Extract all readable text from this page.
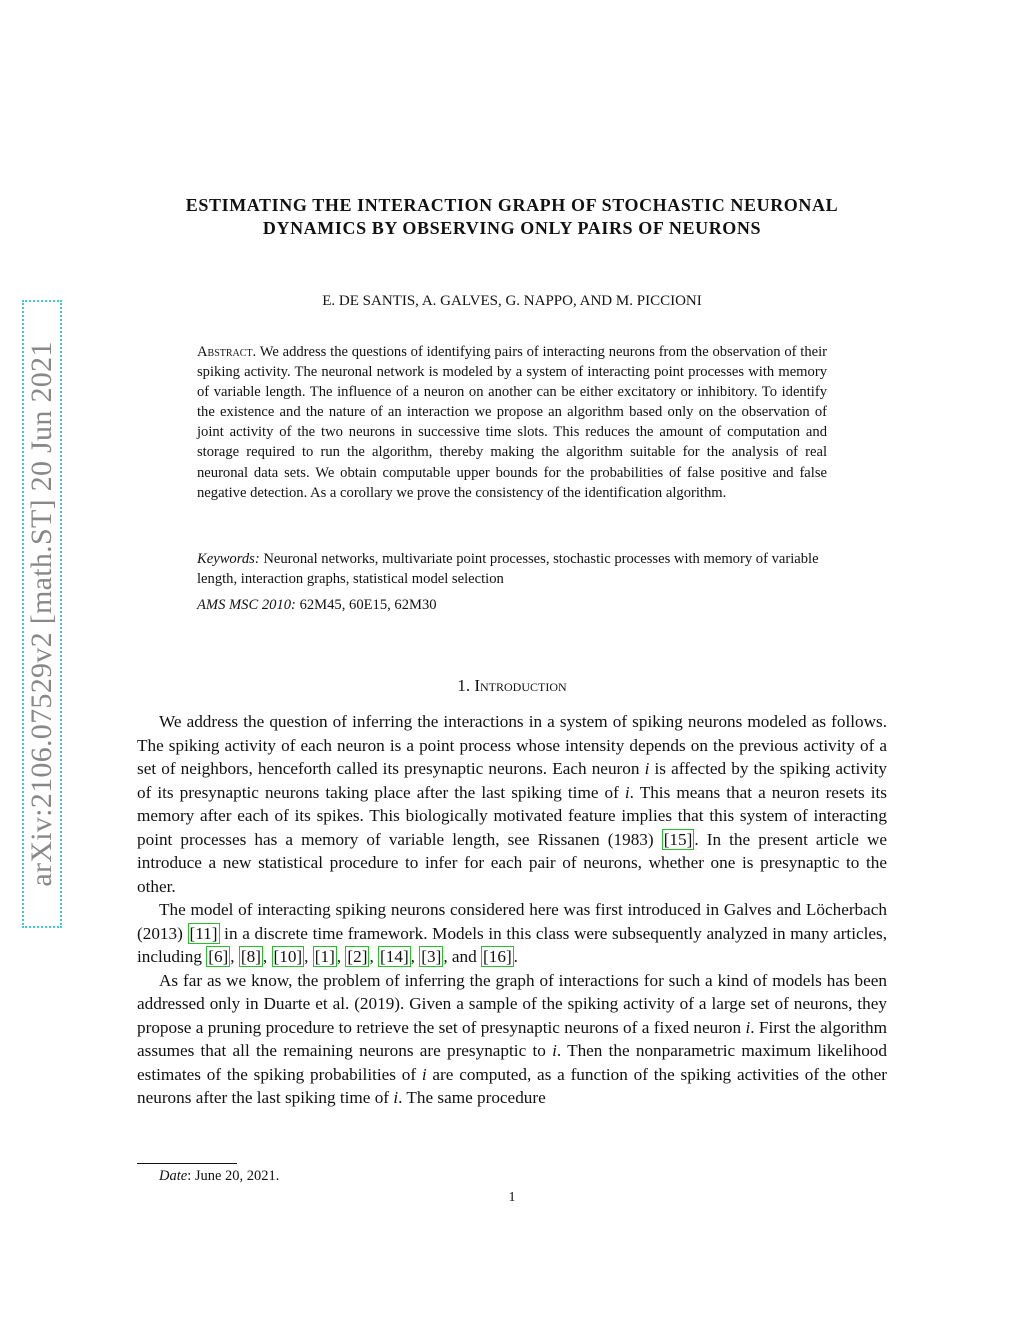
arXiv:2106.07529v2 [math.ST] 20 Jun 2021
ESTIMATING THE INTERACTION GRAPH OF STOCHASTIC NEURONAL DYNAMICS BY OBSERVING ONLY PAIRS OF NEURONS
E. DE SANTIS, A. GALVES, G. NAPPO, AND M. PICCIONI
Abstract. We address the questions of identifying pairs of interacting neurons from the observation of their spiking activity. The neuronal network is modeled by a system of interacting point processes with memory of variable length. The influence of a neuron on another can be either excitatory or inhibitory. To identify the existence and the nature of an interaction we propose an algorithm based only on the observation of joint activity of the two neurons in successive time slots. This reduces the amount of computation and storage required to run the algorithm, thereby making the algorithm suitable for the analysis of real neuronal data sets. We obtain computable upper bounds for the probabilities of false positive and false negative detection. As a corollary we prove the consistency of the identification algorithm.
Keywords: Neuronal networks, multivariate point processes, stochastic processes with memory of variable length, interaction graphs, statistical model selection
AMS MSC 2010: 62M45, 60E15, 62M30
1. Introduction

We address the question of inferring the interactions in a system of spiking neurons modeled as follows. The spiking activity of each neuron is a point process whose intensity depends on the previous activity of a set of neighbors, henceforth called its presynaptic neurons. Each neuron i is affected by the spiking activity of its presynaptic neurons taking place after the last spiking time of i. This means that a neuron resets its memory after each of its spikes. This biologically motivated feature implies that this system of interacting point processes has a memory of variable length, see Rissanen (1983) [15] . In the present article we introduce a new statistical procedure to infer for each pair of neurons, whether one is presynaptic to the other.

The model of interacting spiking neurons considered here was first introduced in Galves and Löcherbach (2013) [11] in a discrete time framework. Models in this class were subsequently analyzed in many articles, including [6] , [8] , [10] , [1] , [2] , [14] , [3] , and [16] .

As far as we know, the problem of inferring the graph of interactions for such a kind of models has been addressed only in Duarte et al. (2019). Given a sample of the spiking activity of a large set of neurons, they propose a pruning procedure to retrieve the set of presynaptic neurons of a fixed neuron i. First the algorithm assumes that all the remaining neurons are presynaptic to i. Then the nonparametric maximum likelihood estimates of the spiking probabilities of i are computed, as a function of the spiking activities of the other neurons after the last spiking time of i. The same procedure

Date: June 20, 2021.
1
